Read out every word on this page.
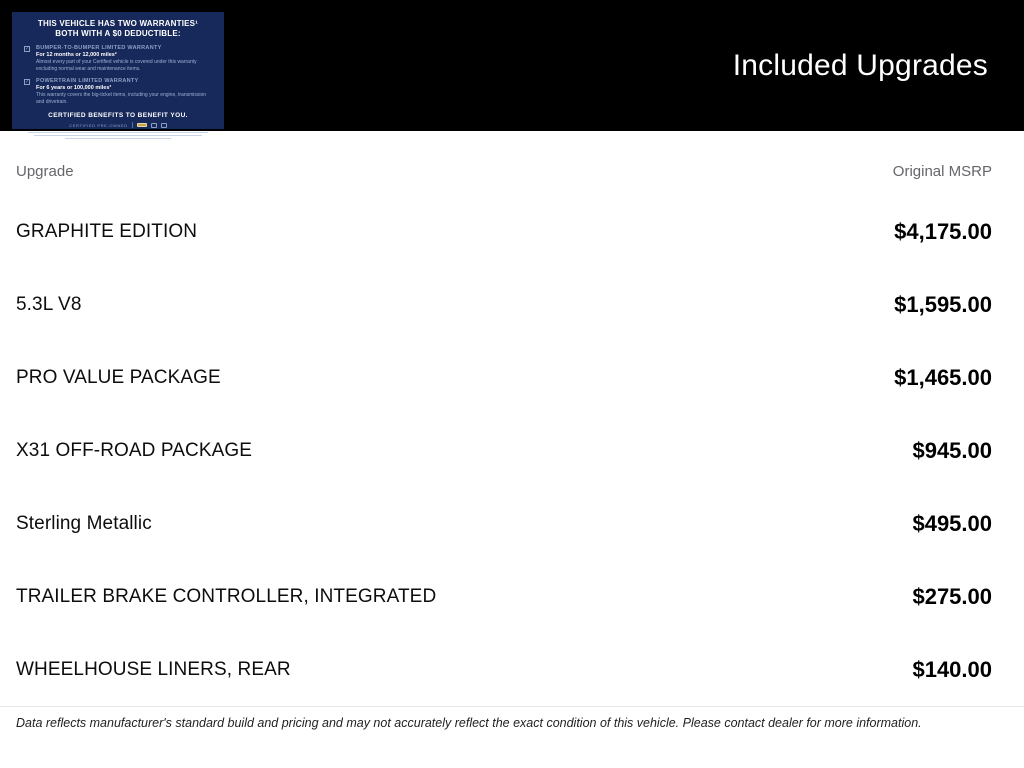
THIS VEHICLE HAS TWO WARRANTIES¹
BOTH WITH A $0 DEDUCTIBLE:
✓ BUMPER-TO-BUMPER LIMITED WARRANTY
For 12 months or 12,000 miles²
Almost every part of your Certified vehicle is covered under this warranty excluding normal wear and maintenance items.
✓ POWERTRAIN LIMITED WARRANTY
For 6 years or 100,000 miles³
This warranty covers the big-ticket items, including your engine, transmission and drivetrain.
CERTIFIED BENEFITS TO BENEFIT YOU.
CERTIFIED PRE-OWNED
Included Upgrades
Upgrade	Original MSRP
GRAPHITE EDITION	$4,175.00
5.3L V8	$1,595.00
PRO VALUE PACKAGE	$1,465.00
X31 OFF-ROAD PACKAGE	$945.00
Sterling Metallic	$495.00
TRAILER BRAKE CONTROLLER, INTEGRATED	$275.00
WHEELHOUSE LINERS, REAR	$140.00
Data reflects manufacturer's standard build and pricing and may not accurately reflect the exact condition of this vehicle. Please contact dealer for more information.
